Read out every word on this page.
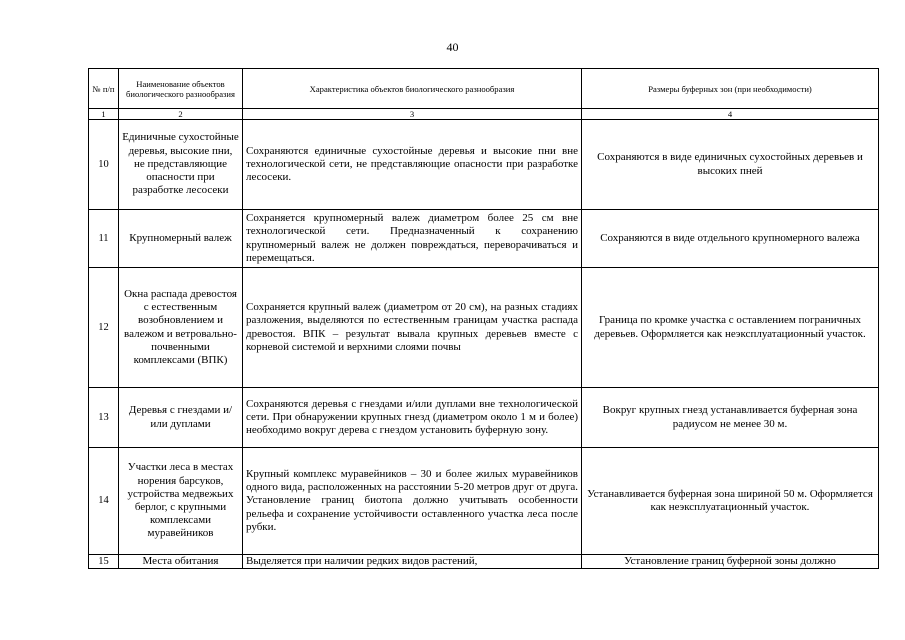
40
№ п/п	Наименование объектов биологического разнообразия	Характеристика объектов биологического разнообразия	Размеры буферных зон (при необходимости)
1	2	3	4
10	Единичные сухостойные деревья, высокие пни, не представляющие опасности при разработке лесосеки	Сохраняются единичные сухостойные деревья и высокие пни вне технологической сети, не представляющие опасности при разработке лесосеки.	Сохраняются в виде единичных сухостойных деревьев и высоких пней
11	Крупномерный валеж	Сохраняется крупномерный валеж диаметром более 25 см вне технологической сети. Предназначенный к сохранению крупномерный валеж не должен повреждаться, переворачиваться и перемещаться.	Сохраняются в виде отдельного крупномерного валежа
12	Окна распада древостоя с естественным возобновлением и валежом и ветровально-почвенными комплексами (ВПК)	Сохраняется крупный валеж (диаметром от 20 см), на разных стадиях разложения, выделяются по естественным границам участка распада древостоя. ВПК – результат вывала крупных деревьев вместе с корневой системой и верхними слоями почвы	Граница по кромке участка с оставлением пограничных деревьев. Оформляется как неэксплуатационный участок.
13	Деревья с гнездами и/или дуплами	Сохраняются деревья с гнездами и/или дуплами вне технологической сети. При обнаружении крупных гнезд (диаметром около 1 м и более) необходимо вокруг дерева с гнездом установить буферную зону.	Вокруг крупных гнезд устанавливается буферная зона радиусом не менее 30 м.
14	Участки леса в местах норения барсуков, устройства медвежьих берлог, с крупными комплексами муравейников	Крупный комплекс муравейников – 30 и более жилых муравейников одного вида, расположенных на расстоянии 5-20 метров друг от друга. Установление границ биотопа должно учитывать особенности рельефа и сохранение устойчивости оставленного участка леса после рубки.	Устанавливается буферная зона шириной 50 м. Оформляется как неэксплуатационный участок.
15	Места обитания	Выделяется при наличии редких видов растений,	Установление границ буферной зоны должно
